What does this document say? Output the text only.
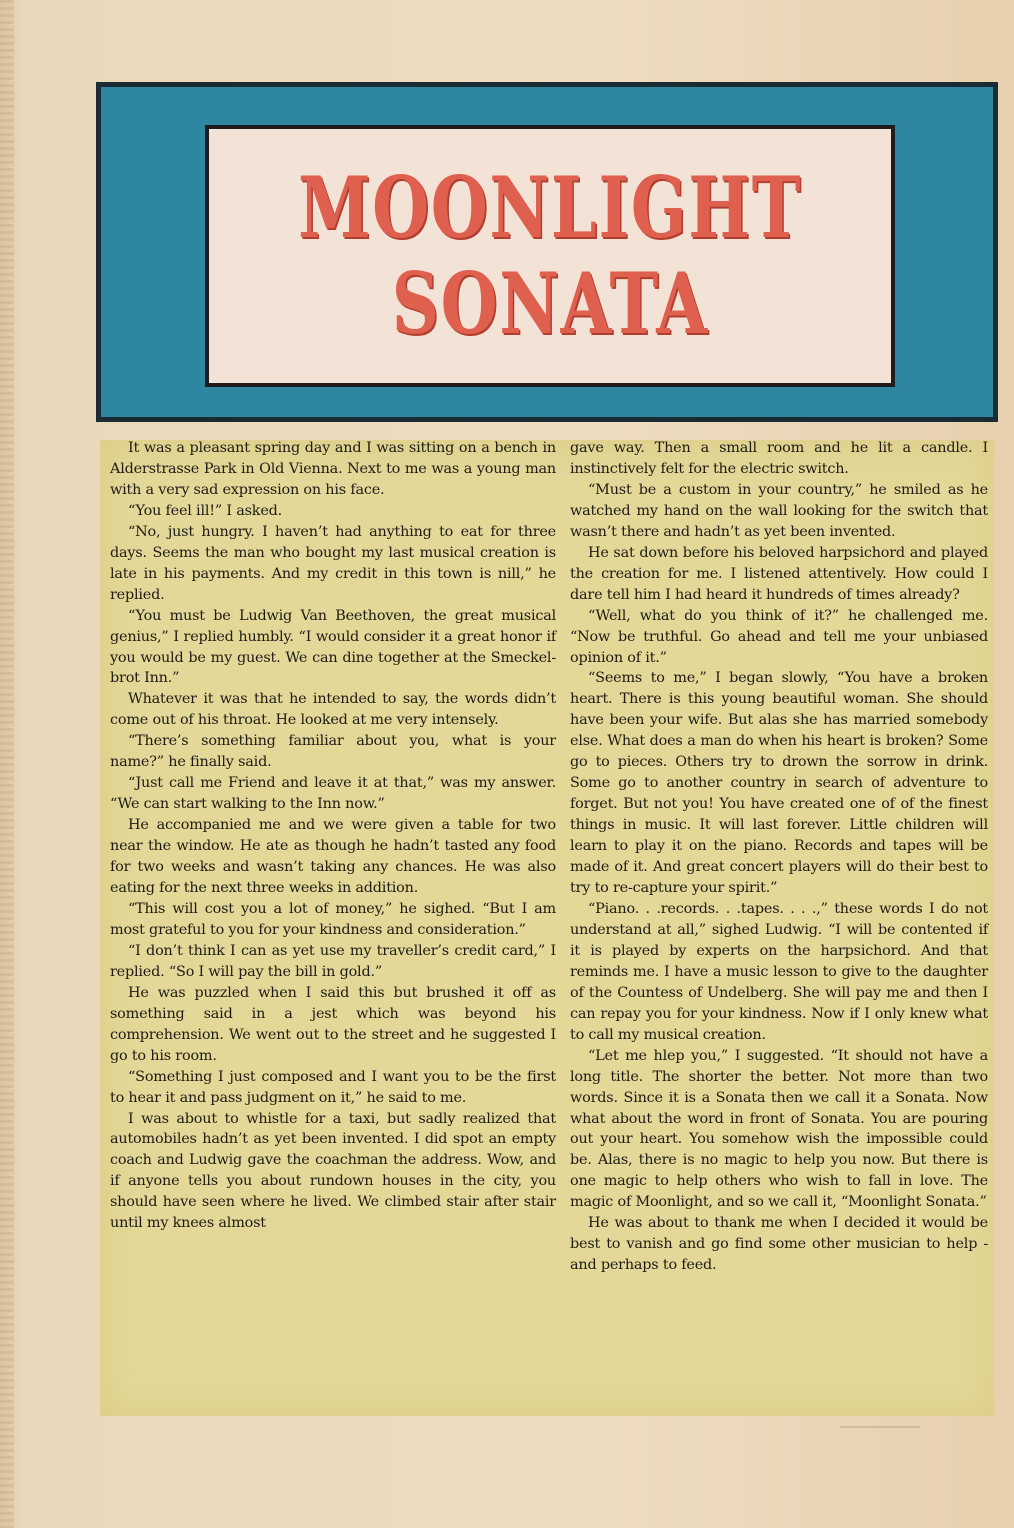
MOONLIGHT
SONATA

It was a pleasant spring day and I was sitting on a bench in Alderstrasse Park in Old Vienna. Next to me was a young man with a very sad expression on his face.

“You feel ill!” I asked.

“No, just hungry. I haven’t had anything to eat for three days. Seems the man who bought my last musical creation is late in his payments. And my credit in this town is nill,” he replied.

“You must be Ludwig Van Beethoven, the great musical genius,” I replied humbly. “I would consider it a great honor if you would be my guest. We can dine together at the Smeckel-brot Inn.”

Whatever it was that he intended to say, the words didn’t come out of his throat. He looked at me very intensely.

“There’s something familiar about you, what is your name?” he finally said.

“Just call me Friend and leave it at that,” was my answer. “We can start walking to the Inn now.”

He accompanied me and we were given a table for two near the window. He ate as though he hadn’t tasted any food for two weeks and wasn’t taking any chances. He was also eating for the next three weeks in addition.

“This will cost you a lot of money,” he sighed. “But I am most grateful to you for your kindness and consideration.”

“I don’t think I can as yet use my traveller’s credit card,” I replied. “So I will pay the bill in gold.”

He was puzzled when I said this but brushed it off as something said in a jest which was beyond his comprehension. We went out to the street and he suggested I go to his room.

“Something I just composed and I want you to be the first to hear it and pass judgment on it,” he said to me.

I was about to whistle for a taxi, but sadly realized that automobiles hadn’t as yet been invented. I did spot an empty coach and Ludwig gave the coachman the address. Wow, and if anyone tells you about rundown houses in the city, you should have seen where he lived. We climbed stair after stair until my knees almost

gave way. Then a small room and he lit a candle. I instinctively felt for the electric switch.

“Must be a custom in your country,” he smiled as he watched my hand on the wall looking for the switch that wasn’t there and hadn’t as yet been invented.

He sat down before his beloved harpsichord and played the creation for me. I listened attentively. How could I dare tell him I had heard it hundreds of times already?

“Well, what do you think of it?” he challenged me. “Now be truthful. Go ahead and tell me your unbiased opinion of it.”

“Seems to me,” I began slowly, “You have a broken heart. There is this young beautiful woman. She should have been your wife. But alas she has married somebody else. What does a man do when his heart is broken? Some go to pieces. Others try to drown the sorrow in drink. Some go to another country in search of adventure to forget. But not you! You have created one of of the finest things in music. It will last forever. Little children will learn to play it on the piano. Records and tapes will be made of it. And great concert players will do their best to try to re-capture your spirit.”

“Piano. . .records. . .tapes. . . .,” these words I do not understand at all,” sighed Ludwig. “I will be contented if it is played by experts on the harpsichord. And that reminds me. I have a music lesson to give to the daughter of the Countess of Undelberg. She will pay me and then I can repay you for your kindness. Now if I only knew what to call my musical creation.

“Let me hlep you,” I suggested. “It should not have a long title. The shorter the better. Not more than two words. Since it is a Sonata then we call it a Sonata. Now what about the word in front of Sonata. You are pouring out your heart. You somehow wish the impossible could be. Alas, there is no magic to help you now. But there is one magic to help others who wish to fall in love. The magic of Moonlight, and so we call it, “Moonlight Sonata.”

He was about to thank me when I decided it would be best to vanish and go find some other musician to help - and perhaps to feed.
